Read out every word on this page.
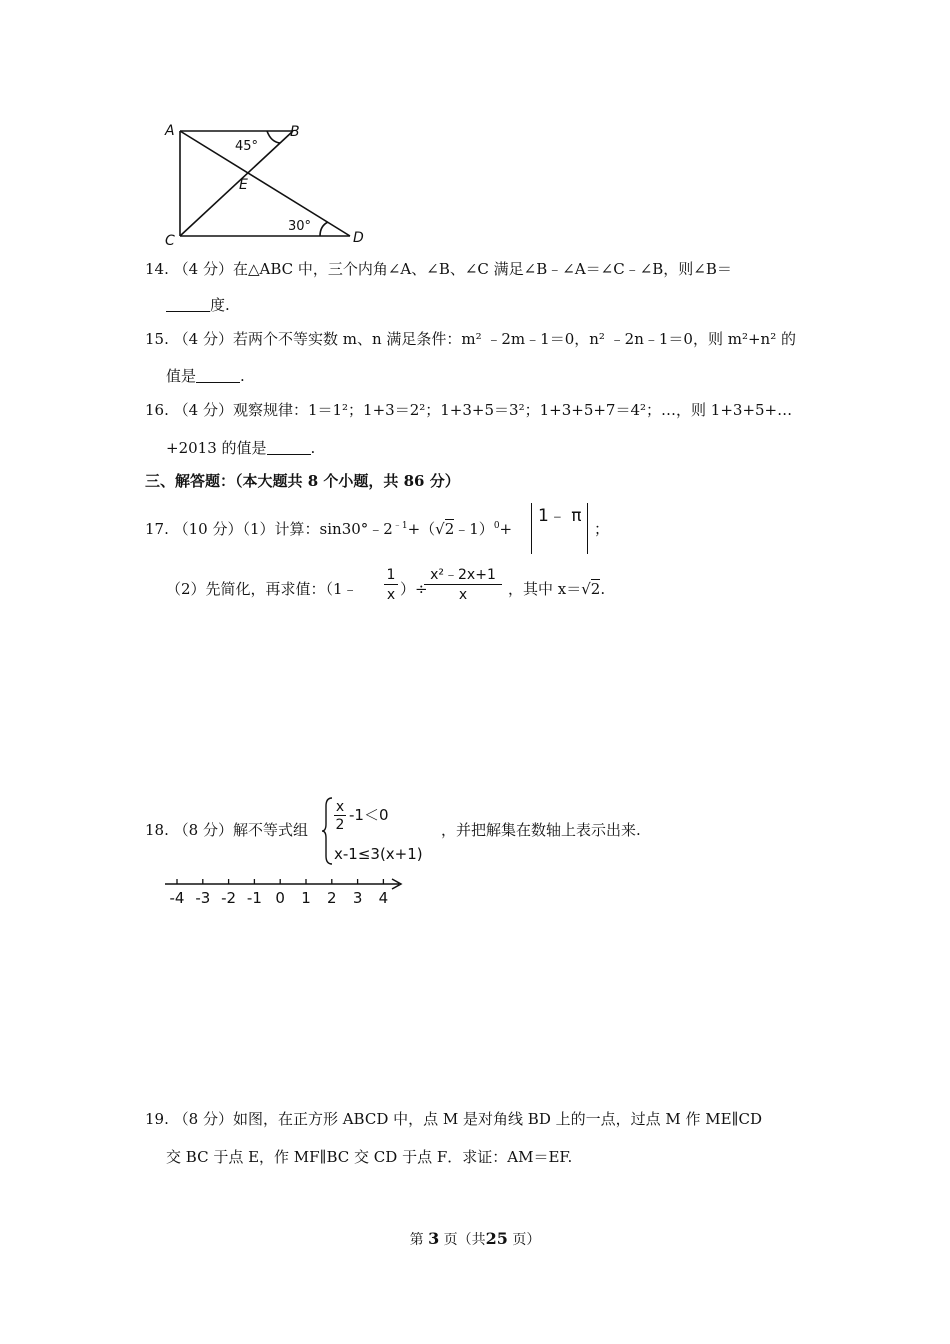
A	B
C	D
E
45°
30°
14. （4 分）在△ABC 中，三个内角∠A、∠B、∠C 满足∠B﹣∠A＝∠C﹣∠B，则∠B＝
度.
15. （4 分）若两个不等实数 m、n 满足条件：m² ﹣2m﹣1＝0，n² ﹣2n﹣1＝0，则 m²+n² 的
值是	.
16. （4 分）观察规律：1＝1²；1+3＝2²；1+3+5＝3²；1+3+5+7＝4²；…，则 1+3+5+…
+2013 的值是	.
三、解答题：（本大题共 8 个小题，共 86 分）
17. （10 分）（1）计算：$\sin 30^\circ﹣2^{﹣1}+(√2﹣1)^0+$
1﹣ π
；
（2）先简化，再求值：（1﹣ $\frac{1}{x}$ ）÷
$\frac{\text{x²﹣2x+1}}{x}$ ，其中 x＝√2.
18. （8 分）解不等式组 $\frac{x}{2} -1<0$
x-1≤3(x+1)
，并把解集在数轴上表示出来.
-4 -3 -2 -1 0 1 2 3 4
19. （8 分）如图，在正方形 ABCD 中，点 M 是对角线 BD 上的一点，过点 M 作 ME∥CD
交 BC 于点 E，作 MF∥BC 交 CD 于点 F．求证：AM＝EF.
第 3 页（共25 页）
